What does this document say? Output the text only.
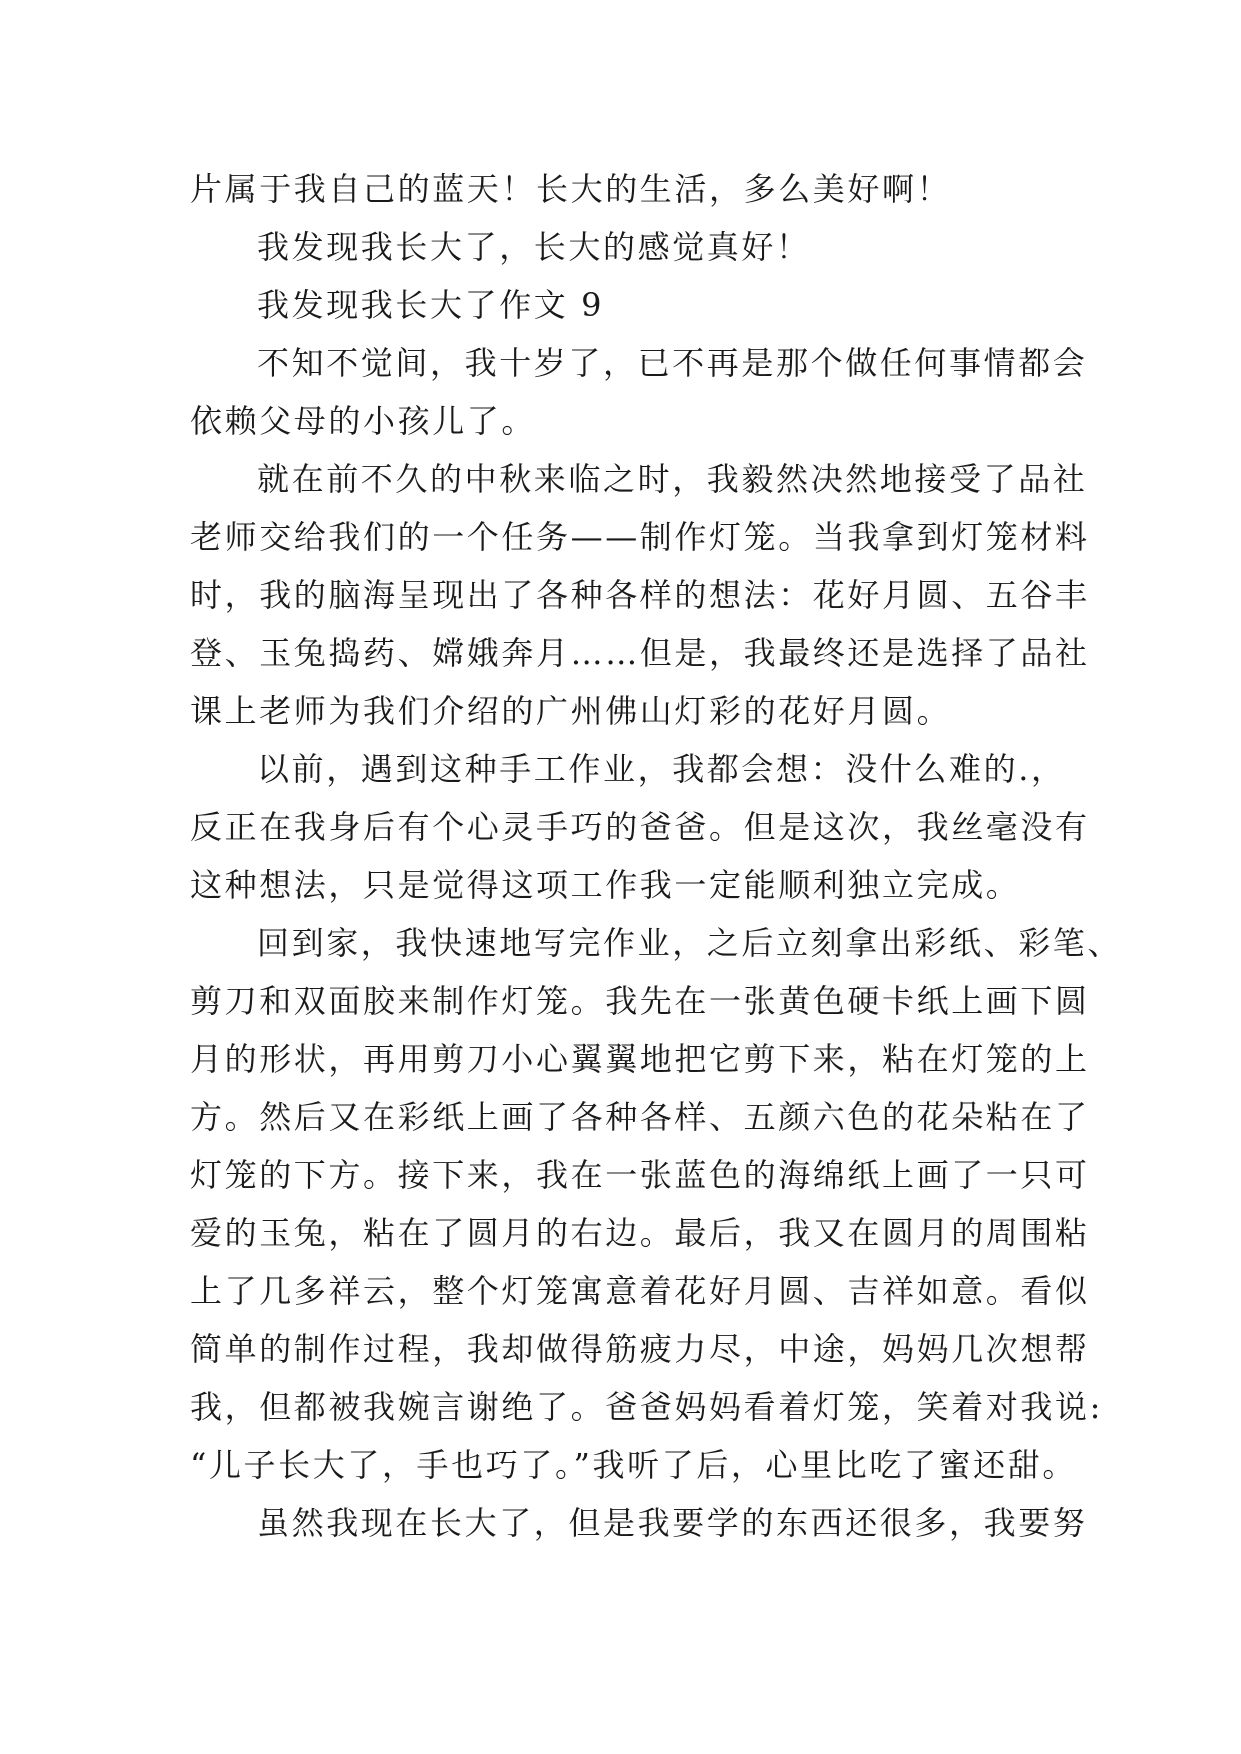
片属于我自己的蓝天！长大的生活，多么美好啊！
我发现我长大了，长大的感觉真好！
我发现我长大了作文 9
不知不觉间，我十岁了，已不再是那个做任何事情都会
依赖父母的小孩儿了。
就在前不久的中秋来临之时，我毅然决然地接受了品社
老师交给我们的一个任务——制作灯笼。当我拿到灯笼材料
时，我的脑海呈现出了各种各样的想法：花好月圆、五谷丰
登、玉兔捣药、嫦娥奔月……但是，我最终还是选择了品社
课上老师为我们介绍的广州佛山灯彩的花好月圆。
以前，遇到这种手工作业，我都会想：没什么难的.，
反正在我身后有个心灵手巧的爸爸。但是这次，我丝毫没有
这种想法，只是觉得这项工作我一定能顺利独立完成。
回到家，我快速地写完作业，之后立刻拿出彩纸、彩笔、
剪刀和双面胶来制作灯笼。我先在一张黄色硬卡纸上画下圆
月的形状，再用剪刀小心翼翼地把它剪下来，粘在灯笼的上
方。然后又在彩纸上画了各种各样、五颜六色的花朵粘在了
灯笼的下方。接下来，我在一张蓝色的海绵纸上画了一只可
爱的玉兔，粘在了圆月的右边。最后，我又在圆月的周围粘
上了几多祥云，整个灯笼寓意着花好月圆、吉祥如意。看似
简单的制作过程，我却做得筋疲力尽，中途，妈妈几次想帮
我，但都被我婉言谢绝了。爸爸妈妈看着灯笼，笑着对我说:
“儿子长大了，手也巧了。”我听了后，心里比吃了蜜还甜。
虽然我现在长大了，但是我要学的东西还很多，我要努
